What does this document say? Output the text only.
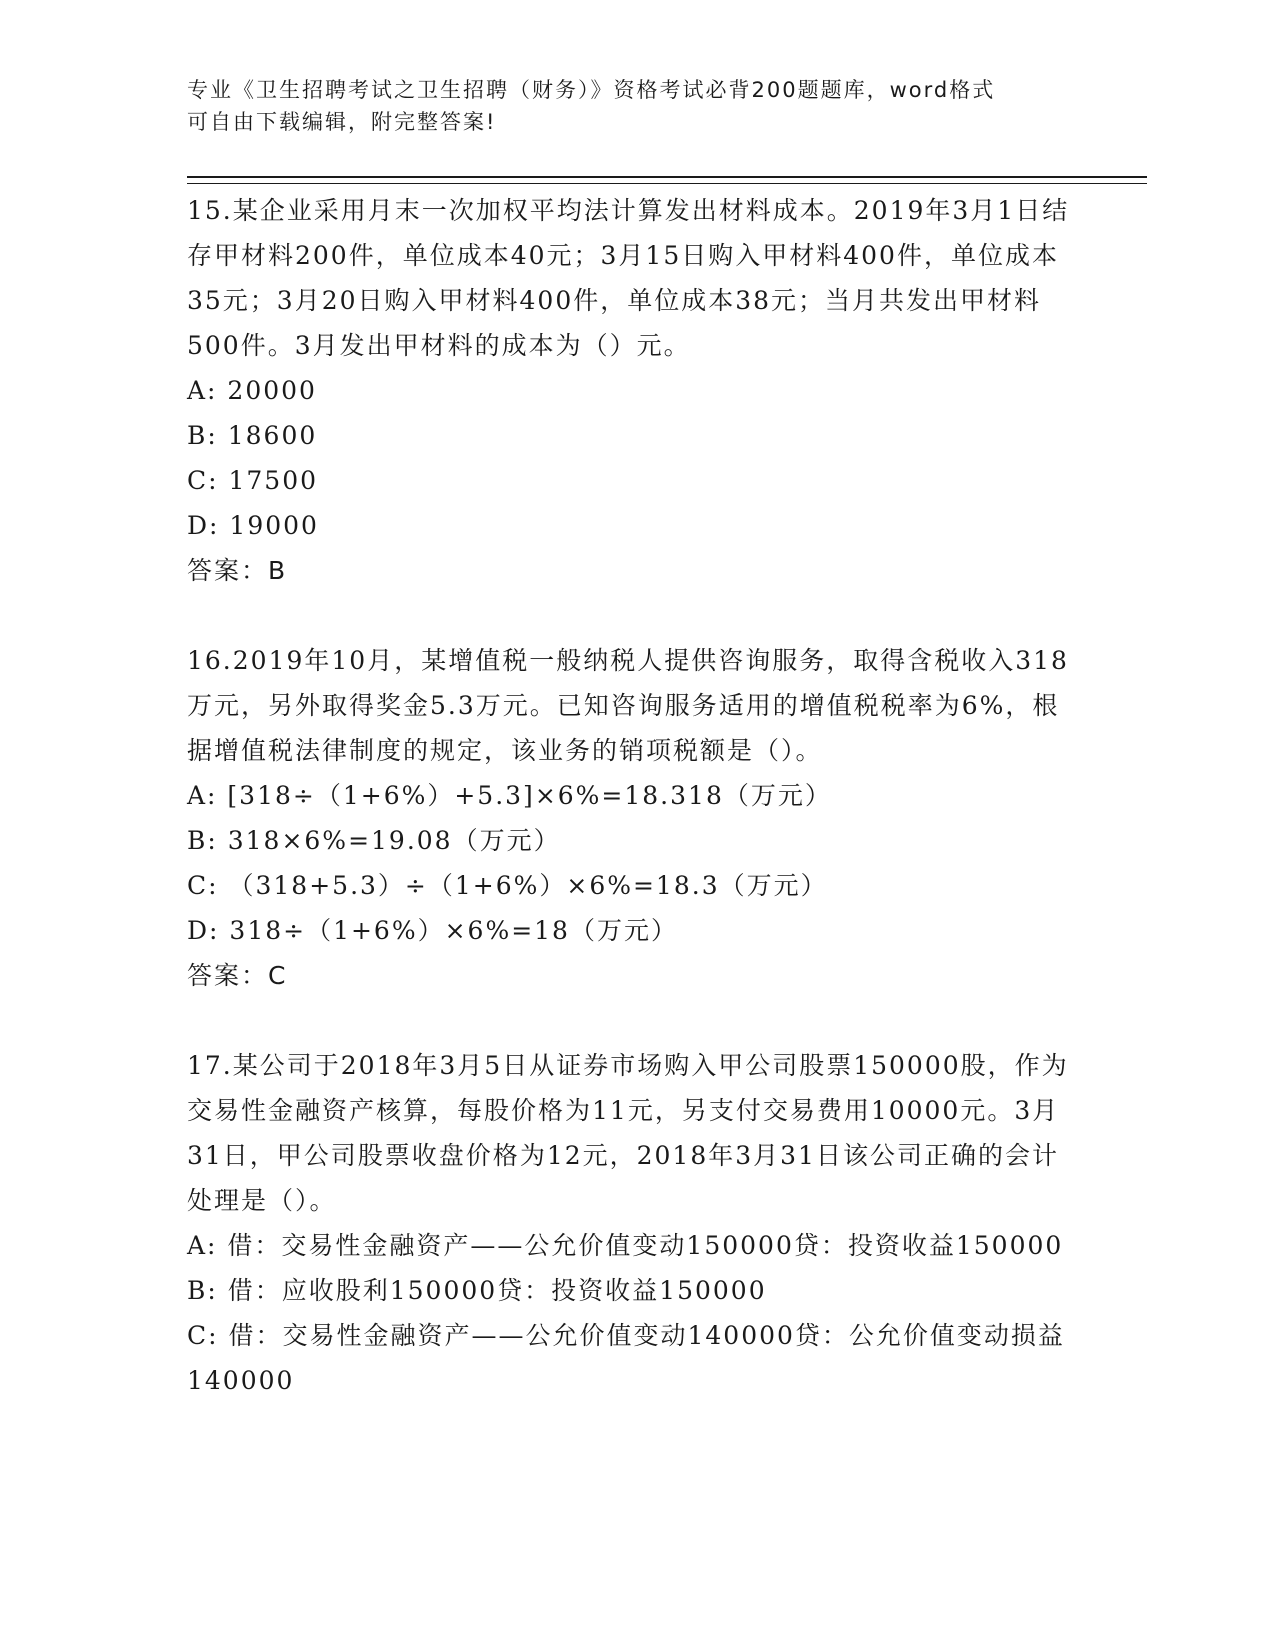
专业《卫生招聘考试之卫生招聘（财务）》资格考试必背200题题库，word格式

可自由下载编辑，附完整答案!

15.某企业采用月末一次加权平均法计算发出材料成本。2019年3月1日结存甲材料200件，单位成本40元；3月15日购入甲材料400件，单位成本35元；3月20日购入甲材料400件，单位成本38元；当月共发出甲材料500件。3月发出甲材料的成本为（）元。

A: 20000

B: 18600

C: 17500

D: 19000

答案：B

16.2019年10月，某增值税一般纳税人提供咨询服务，取得含税收入318万元，另外取得奖金5.3万元。已知咨询服务适用的增值税税率为6%，根据增值税法律制度的规定，该业务的销项税额是（）。

A: [318÷（1+6%）+5.3]×6%=18.318（万元）

B: 318×6%=19.08（万元）

C: （318+5.3）÷（1+6%）×6%=18.3（万元）

D: 318÷（1+6%）×6%=18（万元）

答案：C

17.某公司于2018年3月5日从证券市场购入甲公司股票150000股，作为交易性金融资产核算，每股价格为11元，另支付交易费用10000元。3月31日，甲公司股票收盘价格为12元，2018年3月31日该公司正确的会计处理是（）。

A: 借：交易性金融资产——公允价值变动150000贷：投资收益150000

B: 借：应收股利150000贷：投资收益150000

C: 借：交易性金融资产——公允价值变动140000贷：公允价值变动损益140000
